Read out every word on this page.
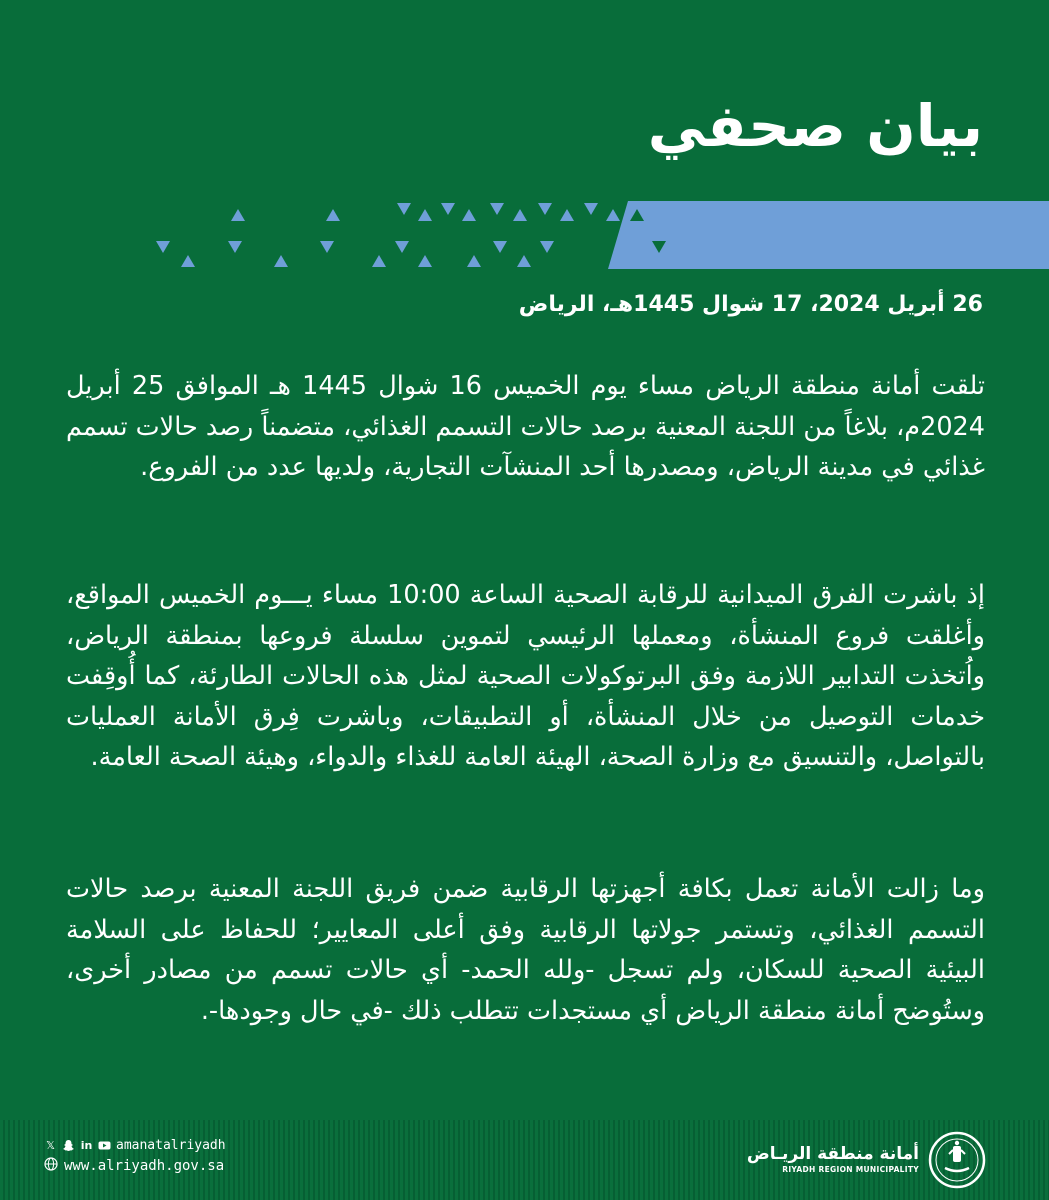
بيان صحفي

26 أبريل 2024، 17 شوال 1445هـ، الرياض

تلقت أمانة منطقة الرياض مساء يوم الخميس 16 شوال 1445 هـ الموافق 25 أبريل 2024م، بلاغاً من اللجنة المعنية برصد حالات التسمم الغذائي، متضمناً رصد حالات تسمم غذائي في مدينة الرياض، ومصدرها أحد المنشآت التجارية، ولديها عدد من الفروع.

إذ باشرت الفرق الميدانية للرقابة الصحية الساعة 10:00 مساء يـــوم الخميس المواقع، وأغلقت فروع المنشأة، ومعملها الرئيسي لتموين سلسلة فروعها بمنطقة الرياض، واُتخذت التدابير اللازمة وفق البرتوكولات الصحية لمثل هذه الحالات الطارئة، كما أُوقِفت خدمات التوصيل من خلال المنشأة، أو التطبيقات، وباشرت فِرق الأمانة العمليات بالتواصل، والتنسيق مع وزارة الصحة، الهيئة العامة للغذاء والدواء، وهيئة الصحة العامة.

وما زالت الأمانة تعمل بكافة أجهزتها الرقابية ضمن فريق اللجنة المعنية برصد حالات التسمم الغذائي، وتستمر جولاتها الرقابية وفق أعلى المعايير؛ للحفاظ على السلامة البيئية الصحية للسكان، ولم تسجل -ولله الحمد- أي حالات تسمم من مصادر أخرى، وستُوضح أمانة منطقة الرياض أي مستجدات تتطلب ذلك -في حال وجودها-.

𝕏 in amanatalriyadh
www.alriyadh.gov.sa
أمانة منطقة الريـاض
RIYADH REGION MUNICIPALITY
